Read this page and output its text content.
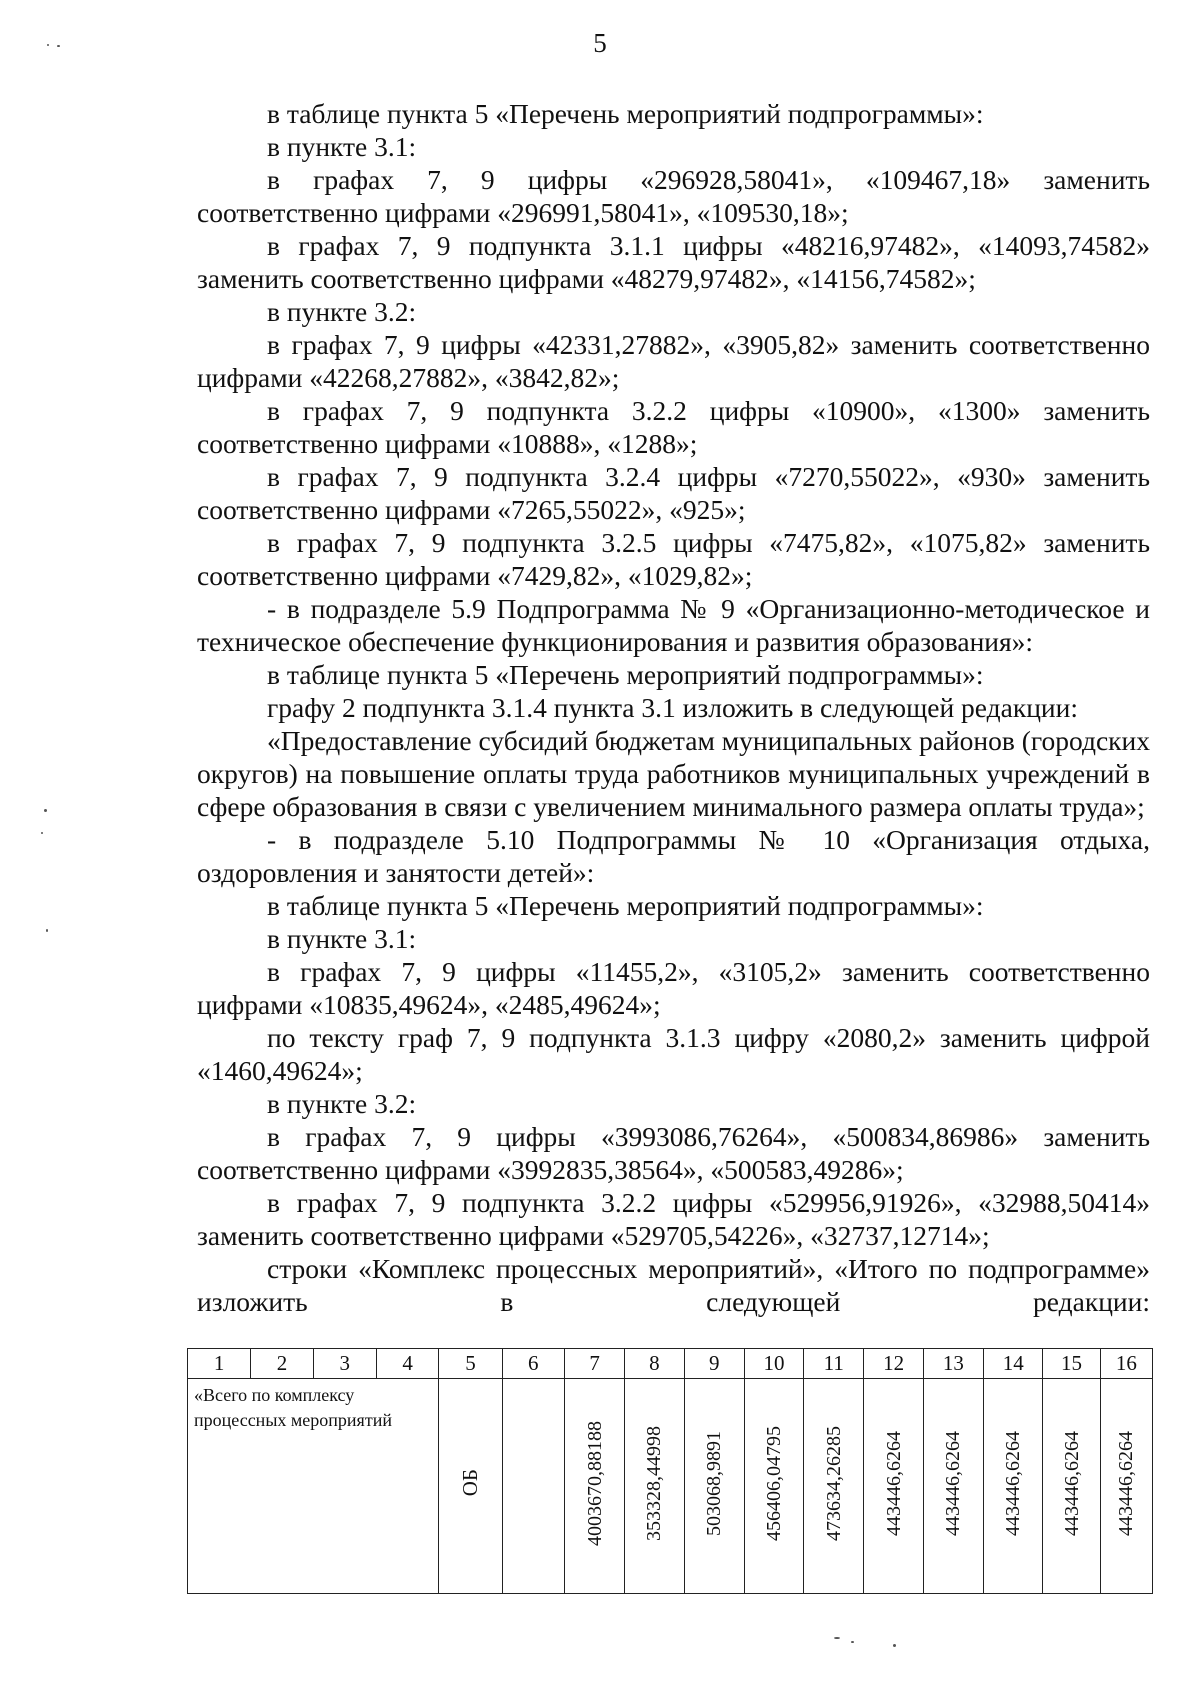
5

в таблице пункта 5 «Перечень мероприятий подпрограммы»:

в пункте 3.1:

в графах 7, 9 цифры «296928,58041», «109467,18» заменить соответственно цифрами «296991,58041», «109530,18»;

в графах 7, 9 подпункта 3.1.1 цифры «48216,97482», «14093,74582» заменить соответственно цифрами «48279,97482», «14156,74582»;

в пункте 3.2:

в графах 7, 9 цифры «42331,27882», «3905,82» заменить соответственно цифрами «42268,27882», «3842,82»;

в графах 7, 9 подпункта 3.2.2 цифры «10900», «1300» заменить соответственно цифрами «10888», «1288»;

в графах 7, 9 подпункта 3.2.4 цифры «7270,55022», «930» заменить соответственно цифрами «7265,55022», «925»;

в графах 7, 9 подпункта 3.2.5 цифры «7475,82», «1075,82» заменить соответственно цифрами «7429,82», «1029,82»;

- в подразделе 5.9 Подпрограмма № 9 «Организационно-методическое и техническое обеспечение функционирования и развития образования»:

в таблице пункта 5 «Перечень мероприятий подпрограммы»:

графу 2 подпункта 3.1.4 пункта 3.1 изложить в следующей редакции:

«Предоставление субсидий бюджетам муниципальных районов (городских округов) на повышение оплаты труда работников муниципальных учреждений в сфере образования в связи с увеличением минимального размера оплаты труда»;

- в подразделе 5.10 Подпрограммы № 10 «Организация отдыха, оздоровления и занятости детей»:

в таблице пункта 5 «Перечень мероприятий подпрограммы»:

в пункте 3.1:

в графах 7, 9 цифры «11455,2», «3105,2» заменить соответственно цифрами «10835,49624», «2485,49624»;

по тексту граф 7, 9 подпункта 3.1.3 цифру «2080,2» заменить цифрой «1460,49624»;

в пункте 3.2:

в графах 7, 9 цифры «3993086,76264», «500834,86986» заменить соответственно цифрами «3992835,38564», «500583,49286»;

в графах 7, 9 подпункта 3.2.2 цифры «529956,91926», «32988,50414» заменить соответственно цифрами «529705,54226», «32737,12714»;

строки «Комплекс процессных мероприятий», «Итого по подпрограмме» изложить в следующей редакции:

1	2	3	4	5	6	7	8	9	10	11	12	13	14	15	16
«Всего по комплексу процессных мероприятий				ОБ		4003670,88188	353328,44998	503068,9891	456406,04795	473634,26285	443446,6264	443446,6264	443446,6264	443446,6264	443446,6264
